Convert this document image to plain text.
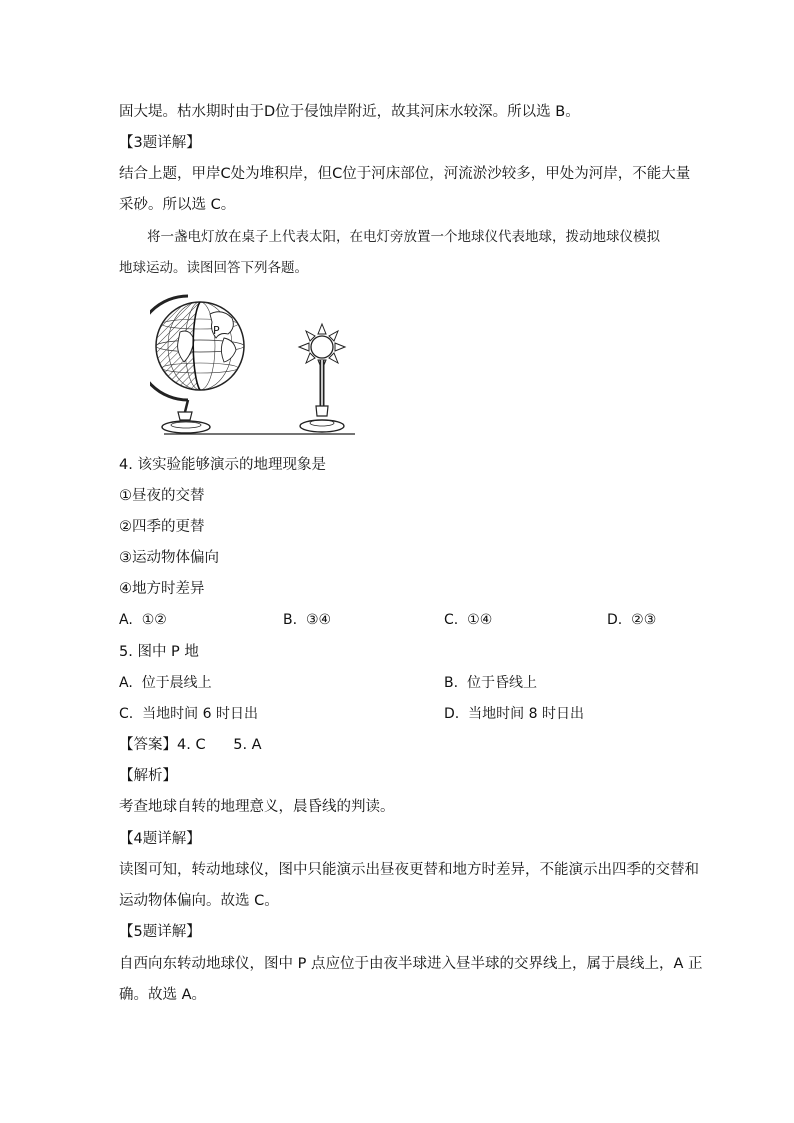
固大堤。枯水期时由于D位于侵蚀岸附近，故其河床水较深。所以选 B。
【3题详解】
结合上题，甲岸C处为堆积岸，但C位于河床部位，河流淤沙较多，甲处为河岸，不能大量
采砂。所以选 C。
将一盏电灯放在桌子上代表太阳，在电灯旁放置一个地球仪代表地球，拨动地球仪模拟
地球运动。读图回答下列各题。
P
4. 该实验能够演示的地理现象是
①昼夜的交替
②四季的更替
③运动物体偏向
④地方时差异
A. ①②	B. ③④	C. ①④	D. ②③
5. 图中 P 地
A. 位于晨线上	B. 位于昏线上
C. 当地时间 6 时日出	D. 当地时间 8 时日出
【答案】4. C      5. A
【解析】
考查地球自转的地理意义，晨昏线的判读。
【4题详解】
读图可知，转动地球仪，图中只能演示出昼夜更替和地方时差异，不能演示出四季的交替和
运动物体偏向。故选 C。
【5题详解】
自西向东转动地球仪，图中 P 点应位于由夜半球进入昼半球的交界线上，属于晨线上，A 正
确。故选 A。
